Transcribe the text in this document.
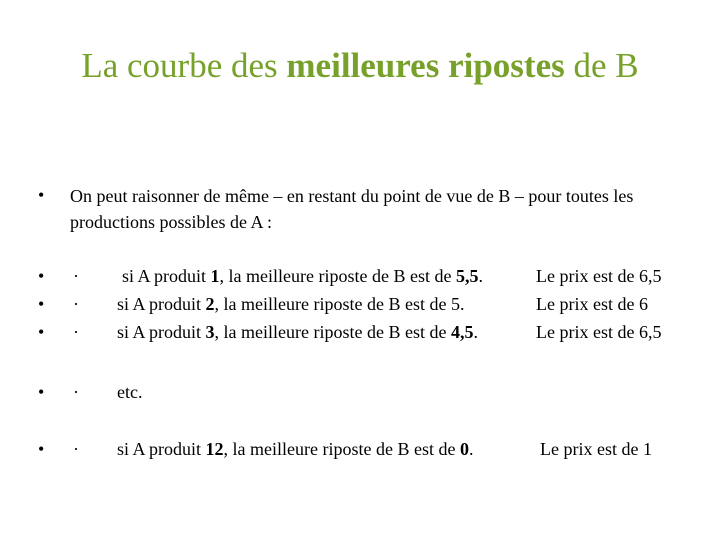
La courbe des meilleures ripostes de B
• On peut raisonner de même – en restant du point de vue de B – pour toutes les productions possibles de A :
• · si A produit 1, la meilleure riposte de B est de 5,5.	Le prix est de 6,5
• · si A produit 2, la meilleure riposte de B est de 5.	Le prix est de 6
• · si A produit 3, la meilleure riposte de B est de 4,5.	Le prix est de 6,5
• · etc.
• · si A produit 12, la meilleure riposte de B est de 0.	Le prix est de 1
